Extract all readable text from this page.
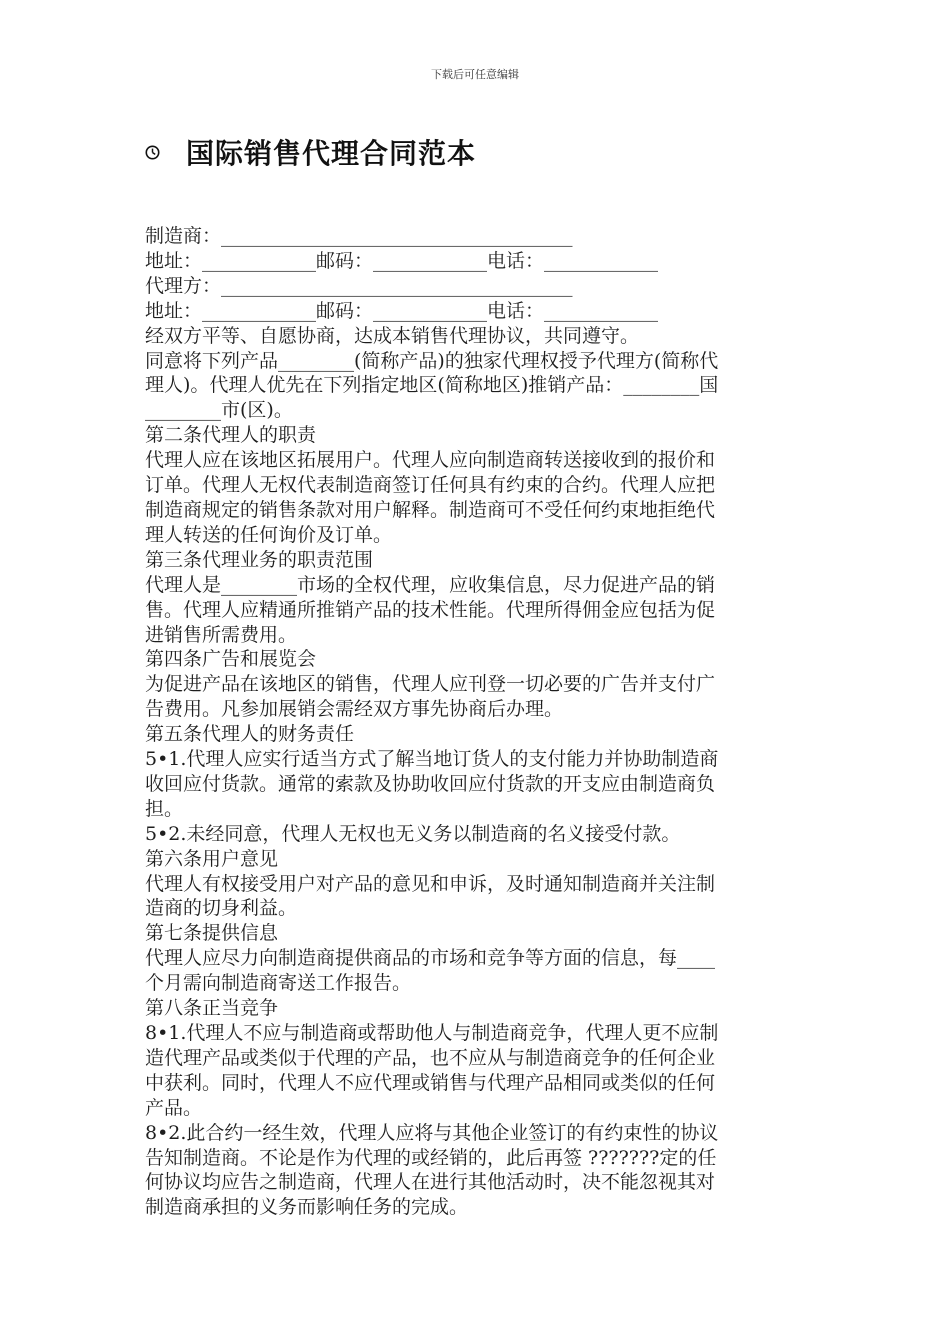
下载后可任意编辑
国际销售代理合同范本
制造商：_____________________________________
地址：____________邮码：____________电话：____________
代理方：_____________________________________
地址：____________邮码：____________电话：____________
经双方平等、自愿协商，达成本销售代理协议，共同遵守。
同意将下列产品________(简称产品)的独家代理权授予代理方(简称代
理人)。代理人优先在下列指定地区(简称地区)推销产品：________国
________市(区)。
第二条代理人的职责
代理人应在该地区拓展用户。代理人应向制造商转送接收到的报价和
订单。代理人无权代表制造商签订任何具有约束的合约。代理人应把
制造商规定的销售条款对用户解释。制造商可不受任何约束地拒绝代
理人转送的任何询价及订单。
第三条代理业务的职责范围
代理人是________市场的全权代理，应收集信息，尽力促进产品的销
售。代理人应精通所推销产品的技术性能。代理所得佣金应包括为促
进销售所需费用。
第四条广告和展览会
为促进产品在该地区的销售，代理人应刊登一切必要的广告并支付广
告费用。凡参加展销会需经双方事先协商后办理。
第五条代理人的财务责任
5•1.代理人应实行适当方式了解当地订货人的支付能力并协助制造商
收回应付货款。通常的索款及协助收回应付货款的开支应由制造商负
担。
5•2.未经同意，代理人无权也无义务以制造商的名义接受付款。
第六条用户意见
代理人有权接受用户对产品的意见和申诉，及时通知制造商并关注制
造商的切身利益。
第七条提供信息
代理人应尽力向制造商提供商品的市场和竞争等方面的信息，每____
个月需向制造商寄送工作报告。
第八条正当竞争
8•1.代理人不应与制造商或帮助他人与制造商竞争，代理人更不应制
造代理产品或类似于代理的产品，也不应从与制造商竞争的任何企业
中获利。同时，代理人不应代理或销售与代理产品相同或类似的任何
产品。
8•2.此合约一经生效，代理人应将与其他企业签订的有约束性的协议
告知制造商。不论是作为代理的或经销的，此后再签 ???????定的任
何协议均应告之制造商，代理人在进行其他活动时，决不能忽视其对
制造商承担的义务而影响任务的完成。
